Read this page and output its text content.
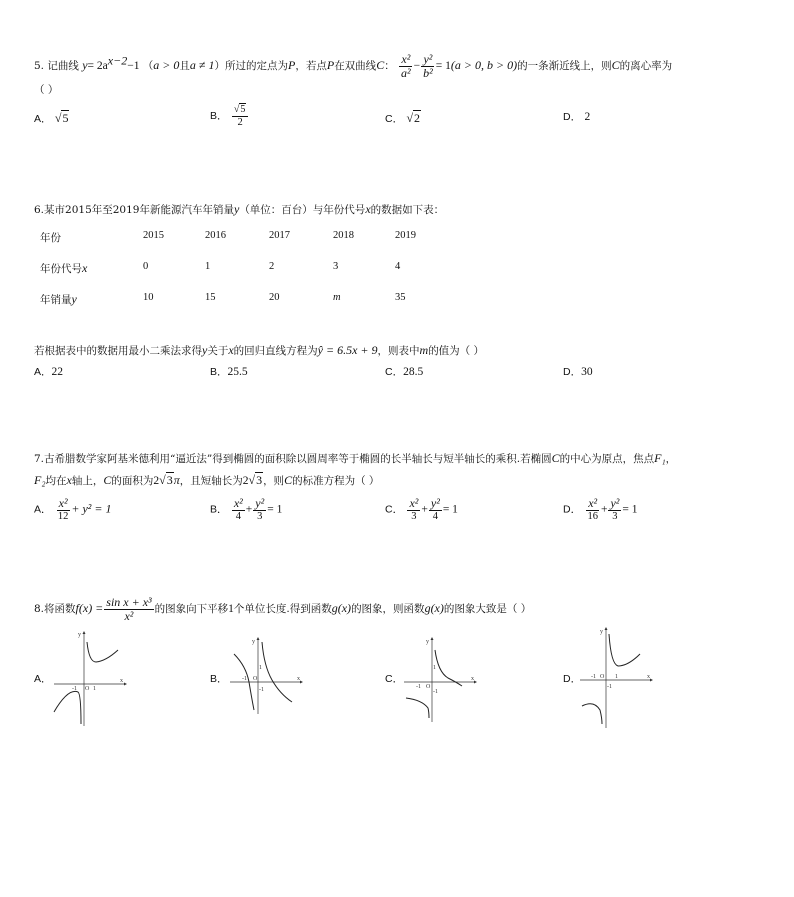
5. 记曲线 $y= 2a^{x-2}-1$ （a > 0且a ≠ 1）所过的定点为P，若点P在双曲线C： $\frac{\text{x²}}{\text{a²}} - \frac{\text{y²}}{\text{b²}} = 1(a > 0$, b > 0)的一条渐近线上，则C的离心率为
（ ）
A． √5	B． $\frac{√5}{2}$	C． √2	D． 2
6.某市2015年至2019年新能源汽车年销量y（单位：百台）与年份代号x的数据如下表：
年份	2015	2016	2017	2018	2019
年份代号x	0	1	2	3	4
年销量y	10	15	20	m	35
若根据表中的数据用最小二乘法求得y关于x的回归直线方程为ŷ = 6.5x + 9，则表中m的值为（ ）
A．22	B．25.5	C．28.5	D．30
7.古希腊数学家阿基米德利用“逼近法”得到椭圆的面积除以圆周率等于椭圆的长半轴长与短半轴长的乘积.若椭圆C的中心为原点，焦点F₁，
F₂均在x轴上，C的面积为2√3π，且短轴长为2√3，则C的标准方程为（ ）
A． $\frac{\text{x²}}{12} + y^2 = 1$	B． $\frac{\text{x²}}{4} + \frac{\text{y²}}{3} = 1$	C． $\frac{\text{x²}}{3} + \frac{\text{y²}}{4} = 1$	D． $\frac{\text{x²}}{16} + \frac{\text{y²}}{3} = 1$
8.将函数$f(x) = \frac{\text{sin x + x³}}{\text{x²}}$ 的图象向下平移1个单位长度.得到函数g(x)的图象，则函数g(x)的图象大致是（ ）
A．	B．	C．	D．
y
x
O
-1	1
y
x
O
-1
1
-1
y
x
O
-1
1
-1
y
x
O
-1	1
-1
